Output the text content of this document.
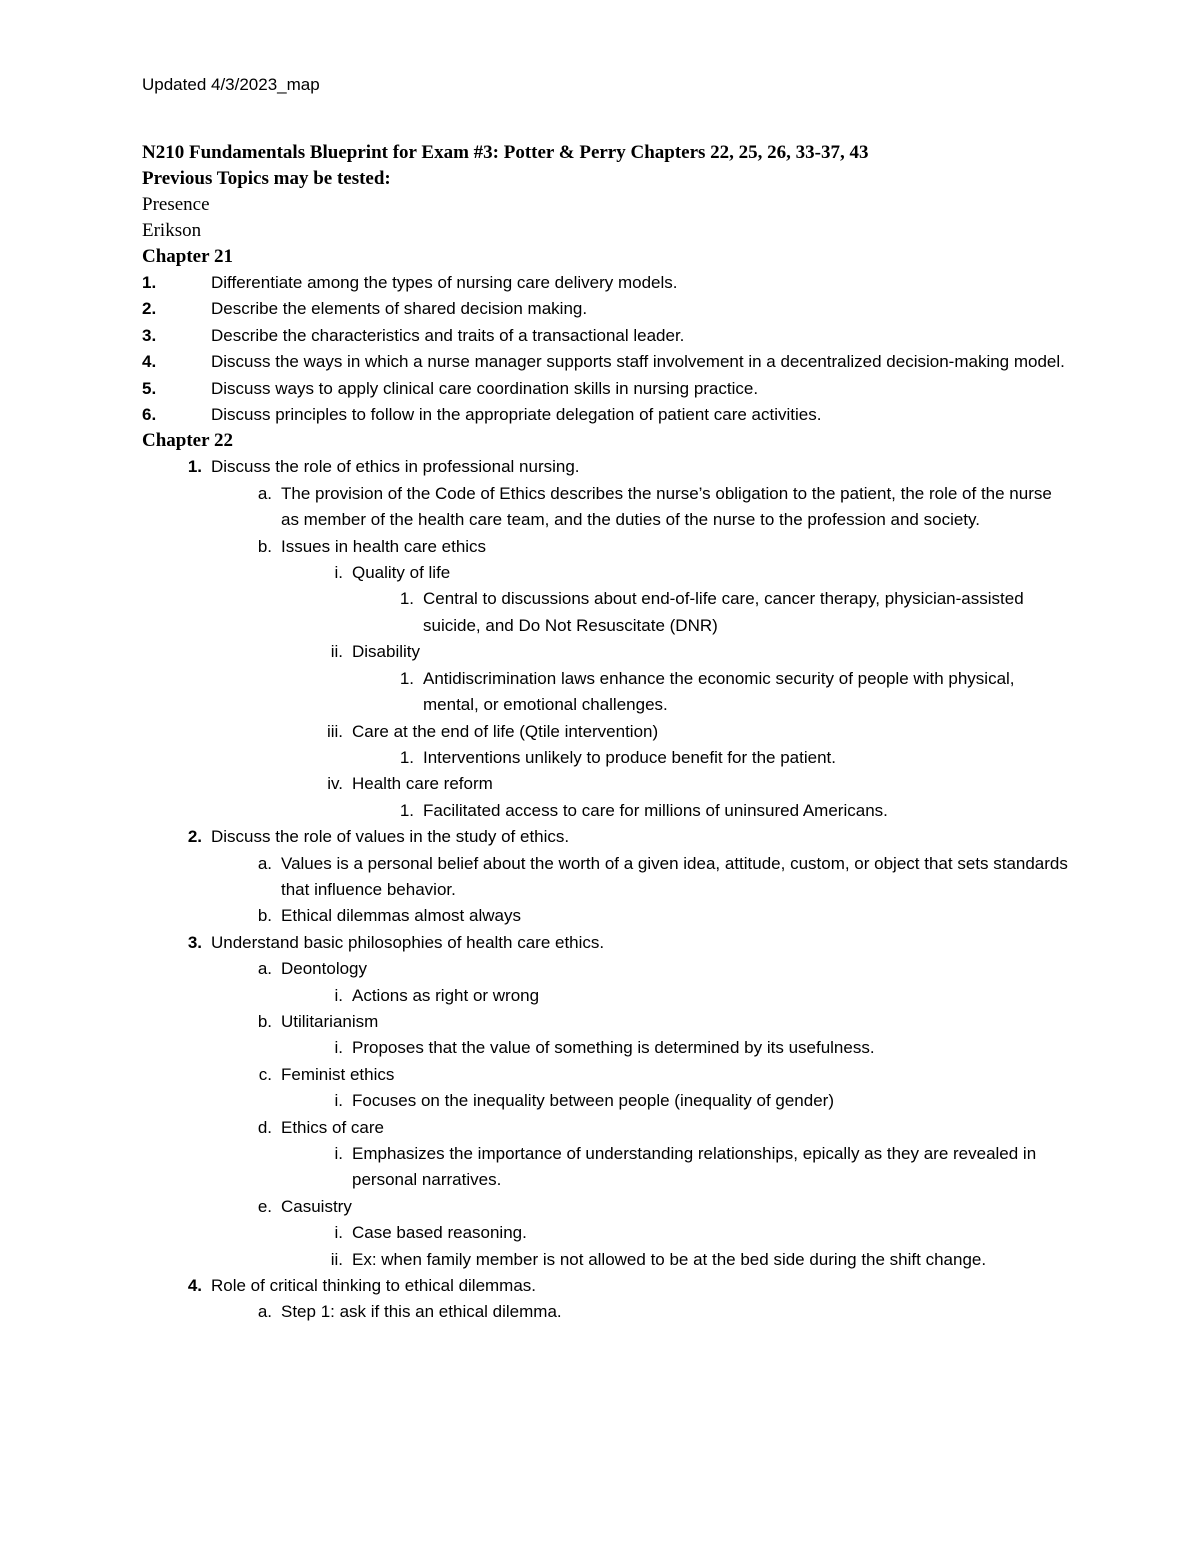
Updated 4/3/2023_map
N210 Fundamentals Blueprint for Exam #3: Potter & Perry Chapters 22, 25, 26, 33-37, 43
Previous Topics may be tested:
Presence
Erikson
Chapter 21
1.	Differentiate among the types of nursing care delivery models.
2.	Describe the elements of shared decision making.
3.	Describe the characteristics and traits of a transactional leader.
4.	Discuss the ways in which a nurse manager supports staff involvement in a decentralized decision-making model.
5.	Discuss ways to apply clinical care coordination skills in nursing practice.
6.	Discuss principles to follow in the appropriate delegation of patient care activities.
Chapter 22
1. Discuss the role of ethics in professional nursing.
a. The provision of the Code of Ethics describes the nurse’s obligation to the patient, the role of the nurse as member of the health care team, and the duties of the nurse to the profession and society.
b. Issues in health care ethics
i. Quality of life
1. Central to discussions about end-of-life care, cancer therapy, physician-assisted suicide, and Do Not Resuscitate (DNR)
ii. Disability
1. Antidiscrimination laws enhance the economic security of people with physical, mental, or emotional challenges.
iii. Care at the end of life (Qtile intervention)
1. Interventions unlikely to produce benefit for the patient.
iv. Health care reform
1. Facilitated access to care for millions of uninsured Americans.
2. Discuss the role of values in the study of ethics.
a. Values is a personal belief about the worth of a given idea, attitude, custom, or object that sets standards that influence behavior.
b. Ethical dilemmas almost always
3. Understand basic philosophies of health care ethics.
a. Deontology
i. Actions as right or wrong
b. Utilitarianism
i. Proposes that the value of something is determined by its usefulness.
c. Feminist ethics
i. Focuses on the inequality between people (inequality of gender)
d. Ethics of care
i. Emphasizes the importance of understanding relationships, epically as they are revealed in personal narratives.
e. Casuistry
i. Case based reasoning.
ii. Ex: when family member is not allowed to be at the bed side during the shift change.
4. Role of critical thinking to ethical dilemmas.
a. Step 1: ask if this an ethical dilemma.
